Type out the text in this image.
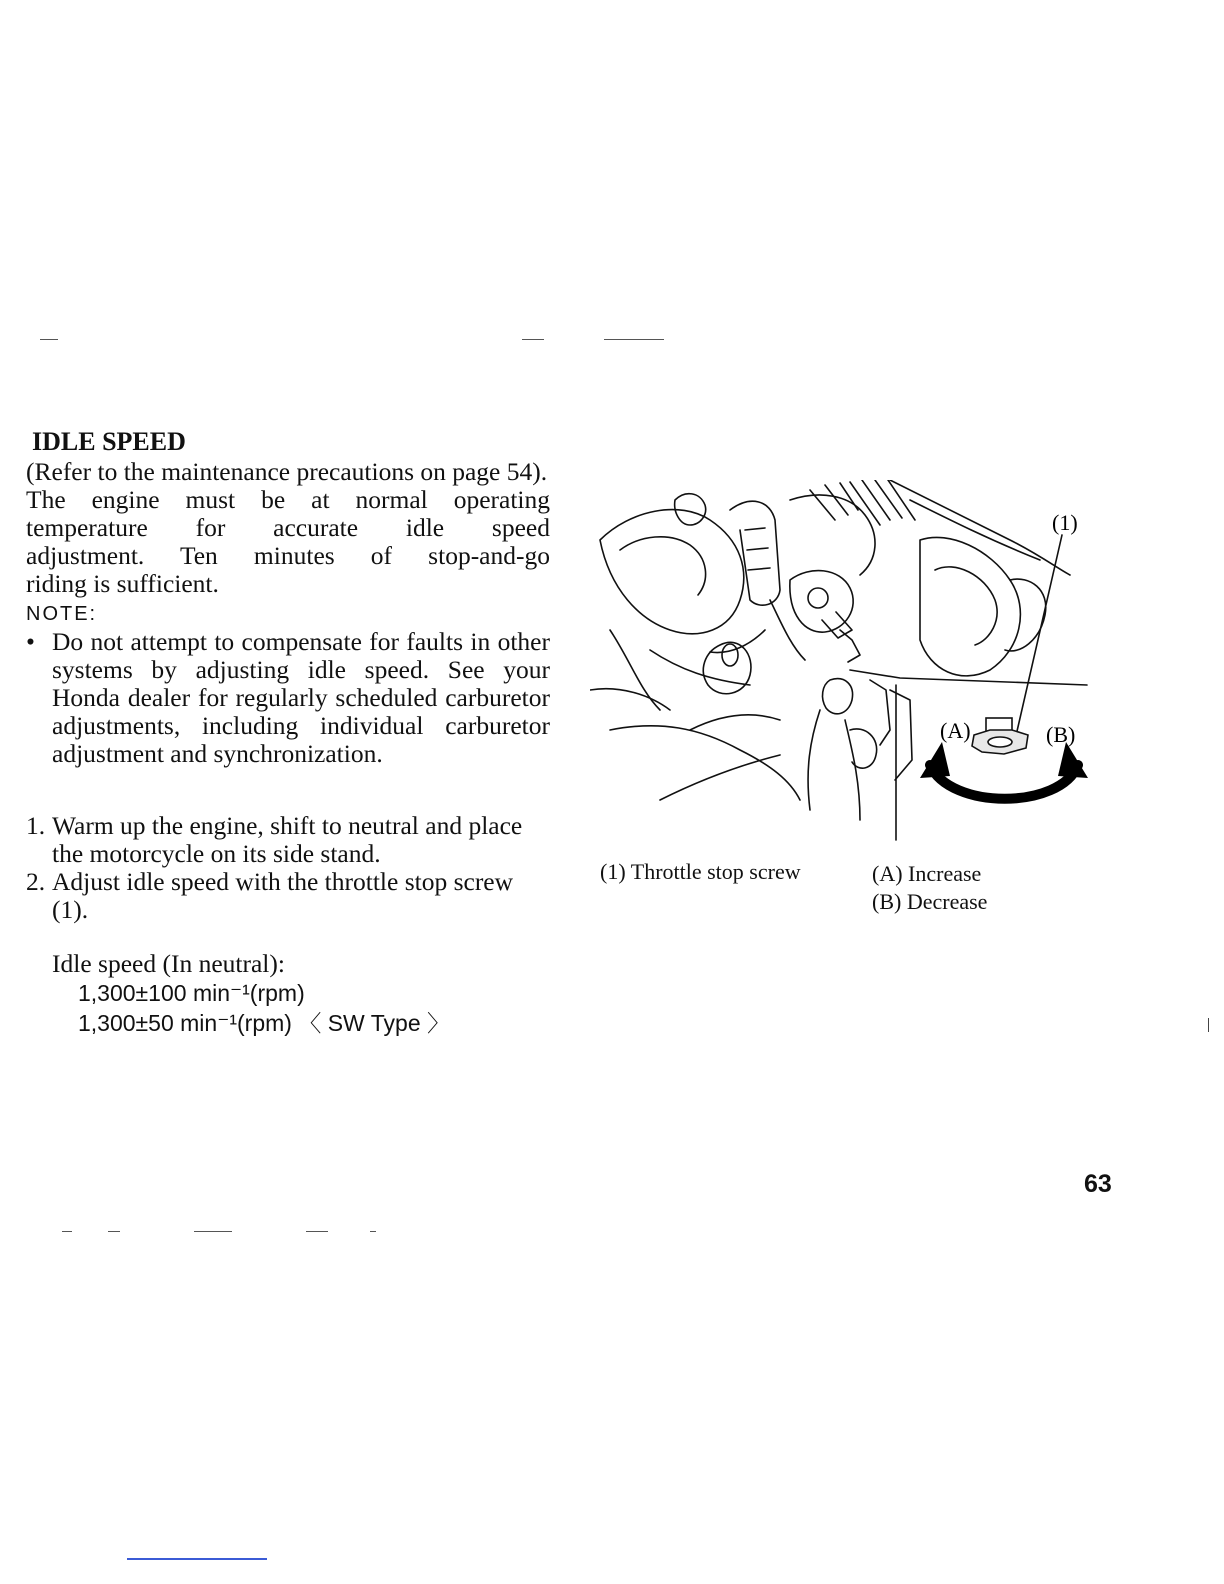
IDLE SPEED
(Refer to the maintenance precautions on page 54).
The engine must be at normal operating
temperature for accurate idle speed
adjustment. Ten minutes of stop-and-go
riding is sufficient.
NOTE:
• Do not attempt to compensate for faults in other systems by adjusting idle speed. See your Honda dealer for regularly scheduled carburetor adjustments, including individual carburetor adjustment and synchronization.
1. Warm up the engine, shift to neutral and place the motorcycle on its side stand.
2. Adjust idle speed with the throttle stop screw (1).
Idle speed (In neutral):
1,300±100 min⁻¹(rpm)
1,300±50 min⁻¹(rpm) 〈 SW Type 〉
(1)
(A)	(B)
(1) Throttle stop screw	(A) Increase
(B) Decrease
63
